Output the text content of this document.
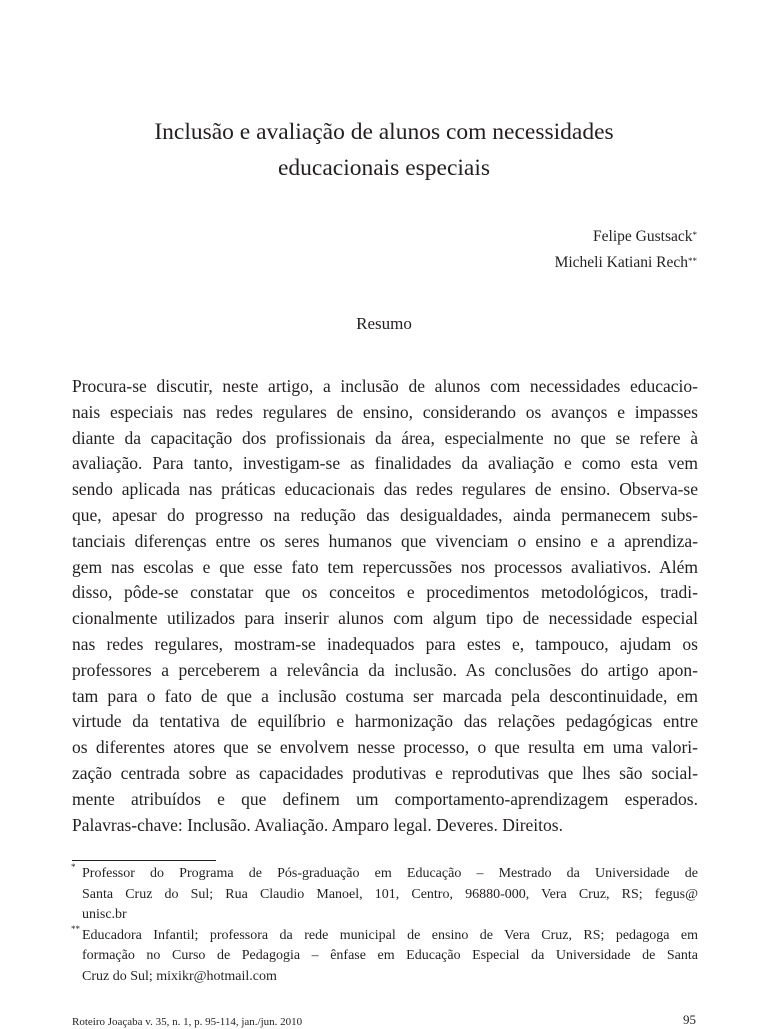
Inclusão e avaliação de alunos com necessidades
educacionais especiais
Felipe Gustsack*
Micheli Katiani Rech**
Resumo
Procura-se discutir, neste artigo, a inclusão de alunos com necessidades educacio-
nais especiais nas redes regulares de ensino, considerando os avanços e impasses
diante da capacitação dos profissionais da área, especialmente no que se refere à
avaliação. Para tanto, investigam-se as finalidades da avaliação e como esta vem
sendo aplicada nas práticas educacionais das redes regulares de ensino. Observa-se
que, apesar do progresso na redução das desigualdades, ainda permanecem subs-
tanciais diferenças entre os seres humanos que vivenciam o ensino e a aprendiza-
gem nas escolas e que esse fato tem repercussões nos processos avaliativos. Além
disso, pôde-se constatar que os conceitos e procedimentos metodológicos, tradi-
cionalmente utilizados para inserir alunos com algum tipo de necessidade especial
nas redes regulares, mostram-se inadequados para estes e, tampouco, ajudam os
professores a perceberem a relevância da inclusão. As conclusões do artigo apon-
tam para o fato de que a inclusão costuma ser marcada pela descontinuidade, em
virtude da tentativa de equilíbrio e harmonização das relações pedagógicas entre
os diferentes atores que se envolvem nesse processo, o que resulta em uma valori-
zação centrada sobre as capacidades produtivas e reprodutivas que lhes são social-
mente atribuídos e que definem um comportamento-aprendizagem esperados.
Palavras-chave: Inclusão. Avaliação. Amparo legal. Deveres. Direitos.
* Professor do Programa de Pós-graduação em Educação – Mestrado da Universidade de
Santa Cruz do Sul; Rua Claudio Manoel, 101, Centro, 96880-000, Vera Cruz, RS; fegus@
unisc.br
** Educadora Infantil; professora da rede municipal de ensino de Vera Cruz, RS; pedagoga em
formação no Curso de Pedagogia – ênfase em Educação Especial da Universidade de Santa
Cruz do Sul; mixikr@hotmail.com
Roteiro Joaçaba v. 35, n. 1, p. 95-114, jan./jun. 2010	95
